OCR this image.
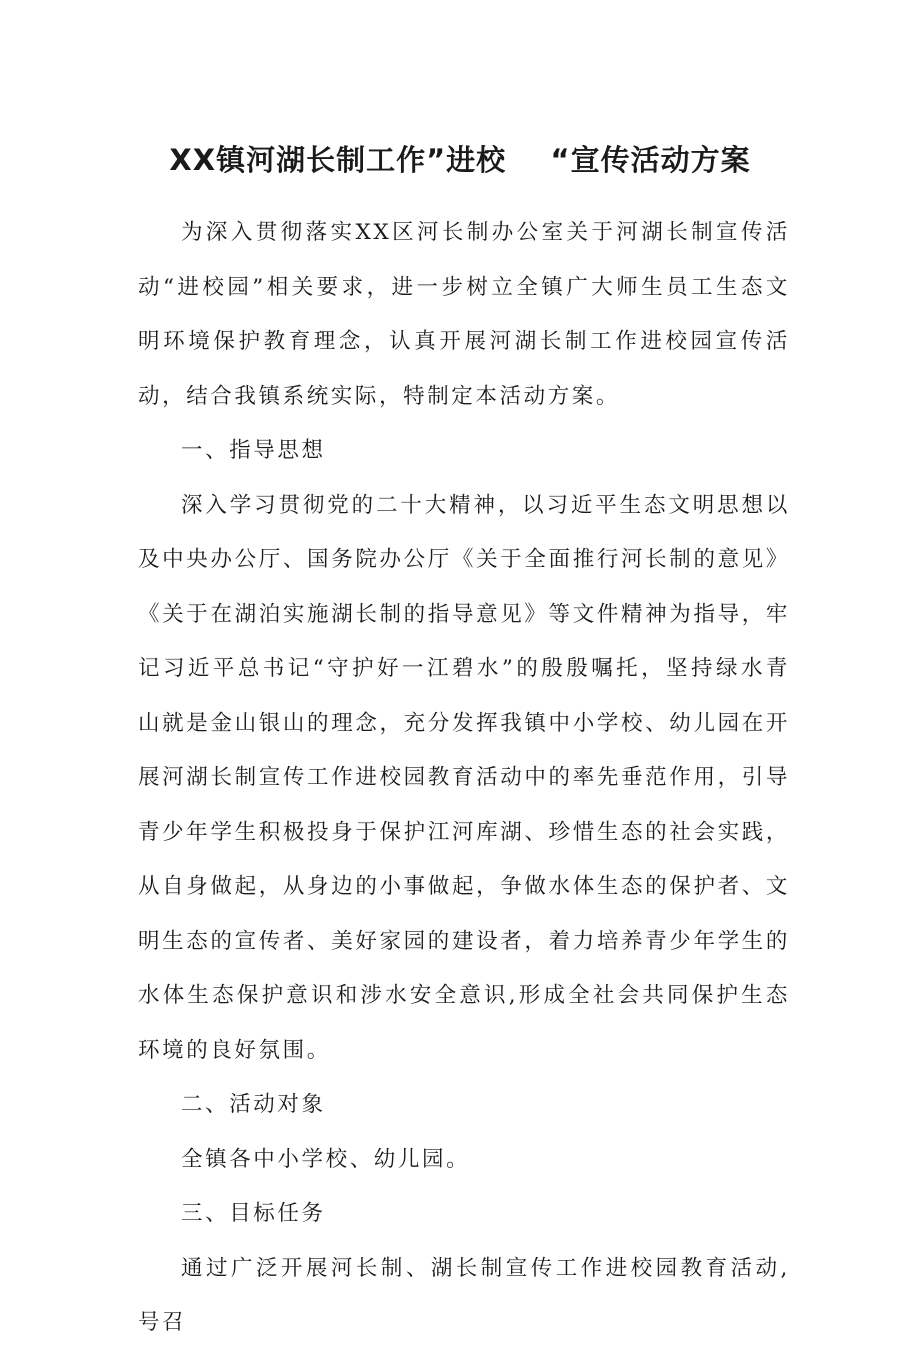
XX镇河湖长制工作”进校    “宣传活动方案

为深入贯彻落实XX区河长制办公室关于河湖长制宣传活动“进校园”相关要求，进一步树立全镇广大师生员工生态文明环境保护教育理念，认真开展河湖长制工作进校园宣传活动，结合我镇系统实际，特制定本活动方案。

一、指导思想

深入学习贯彻党的二十大精神，以习近平生态文明思想以及中央办公厅、国务院办公厅《关于全面推行河长制的意见》《关于在湖泊实施湖长制的指导意见》等文件精神为指导，牢记习近平总书记“守护好一江碧水”的殷殷嘱托，坚持绿水青山就是金山银山的理念，充分发挥我镇中小学校、幼儿园在开展河湖长制宣传工作进校园教育活动中的率先垂范作用，引导青少年学生积极投身于保护江河库湖、珍惜生态的社会实践，从自身做起，从身边的小事做起，争做水体生态的保护者、文明生态的宣传者、美好家园的建设者，着力培养青少年学生的水体生态保护意识和涉水安全意识,形成全社会共同保护生态环境的良好氛围。

二、活动对象

全镇各中小学校、幼儿园。

三、目标任务

通过广泛开展河长制、湖长制宣传工作进校园教育活动,号召
